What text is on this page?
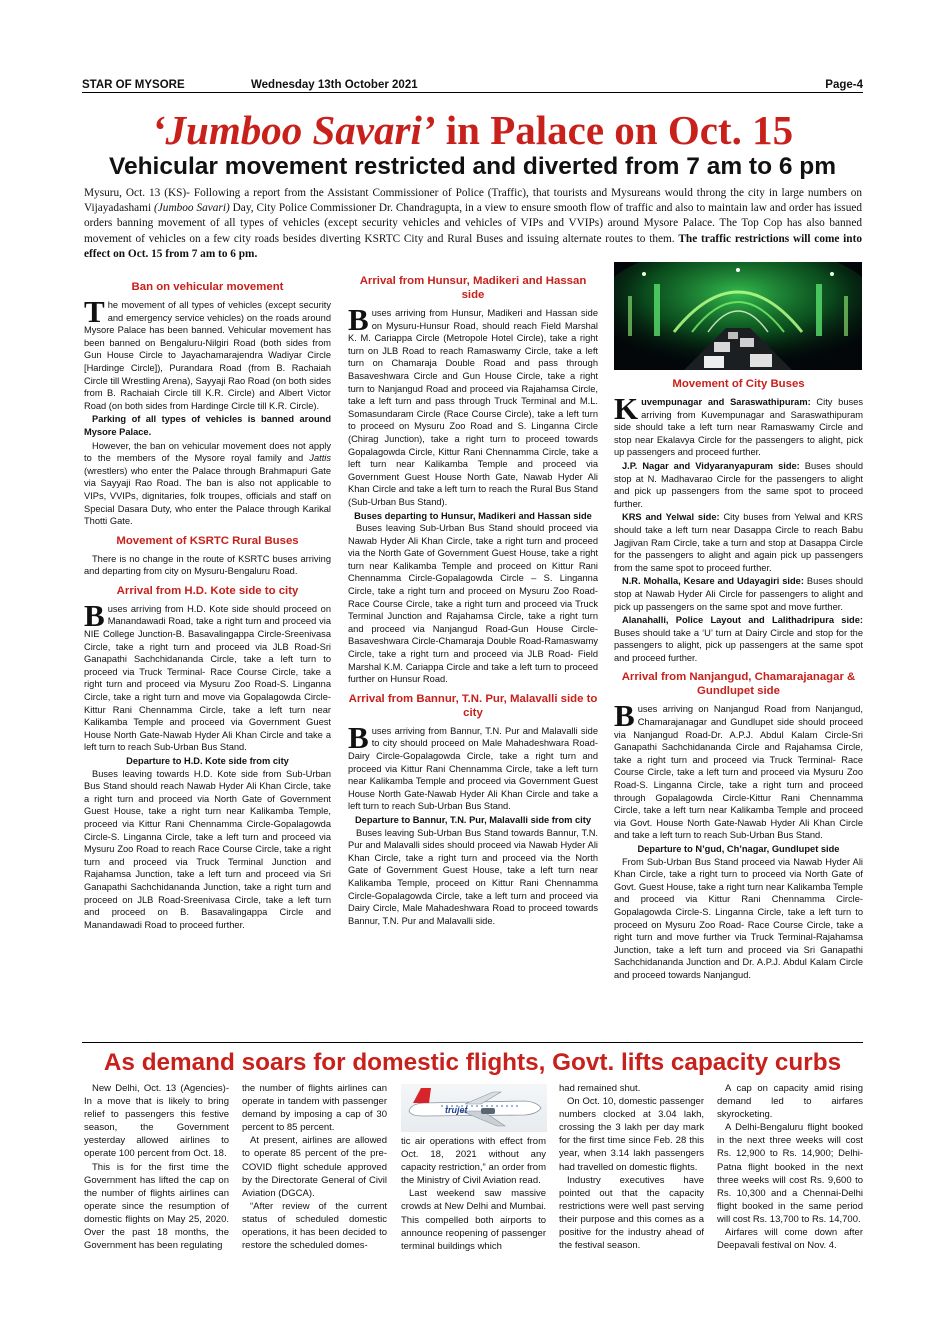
STAR OF MYSORE	Wednesday 13th October 2021	Page-4
‘Jumboo Savari’ in Palace on Oct. 15
Vehicular movement restricted and diverted from 7 am to 6 pm

Mysuru, Oct. 13 (KS)- Following a report from the Assistant Commissioner of Police (Traffic), that tourists and Mysureans would throng the city in large numbers on Vijayadashami (Jumboo Savari) Day, City Police Commissioner Dr. Chandragupta, in a view to ensure smooth flow of traffic and also to maintain law and order has issued orders banning movement of all types of vehicles (except security vehicles and vehicles of VIPs and VVIPs) around Mysore Palace. The Top Cop has also banned movement of vehicles on a few city roads besides diverting KSRTC City and Rural Buses and issuing alternate routes to them. The traffic restrictions will come into effect on Oct. 15 from 7 am to 6 pm.

Ban on vehicular movement

The movement of all types of vehicles (except security and emergency service vehicles) on the roads around Mysore Palace has been banned. Vehicular movement has been banned on Bengaluru-Nilgiri Road (both sides from Gun House Circle to Jayachamarajendra Wadiyar Circle [Hardinge Circle]), Purandara Road (from B. Rachaiah Circle till Wrestling Arena), Sayyaji Rao Road (on both sides from B. Rachaiah Circle till K.R. Circle) and Albert Victor Road (on both sides from Hardinge Circle till K.R. Circle).

Parking of all types of vehicles is banned around Mysore Palace.

However, the ban on vehicular movement does not apply to the members of the Mysore royal family and Jattis (wrestlers) who enter the Palace through Brahmapuri Gate via Sayyaji Rao Road. The ban is also not applicable to VIPs, VVIPs, dignitaries, folk troupes, officials and staff on Special Dasara Duty, who enter the Palace through Karikal Thotti Gate.

Movement of KSRTC Rural Buses

There is no change in the route of KSRTC buses arriving and departing from city on Mysuru-Bengaluru Road.

Arrival from H.D. Kote side to city

Buses arriving from H.D. Kote side should proceed on Manandawadi Road, take a right turn and proceed via NIE College Junction-B. Basavalingappa Circle-Sreenivasa Circle, take a right turn and proceed via JLB Road-Sri Ganapathi Sachchidananda Circle, take a left turn to proceed via Truck Terminal- Race Course Circle, take a right turn and proceed via Mysuru Zoo Road-S. Linganna Circle, take a right turn and move via Gopalagowda Circle-Kittur Rani Chennamma Circle, take a left turn near Kalikamba Temple and proceed via Government Guest House North Gate-Nawab Hyder Ali Khan Circle and take a left turn to reach Sub-Urban Bus Stand.

Departure to H.D. Kote side from city

Buses leaving towards H.D. Kote side from Sub-Urban Bus Stand should reach Nawab Hyder Ali Khan Circle, take a right turn and proceed via North Gate of Government Guest House, take a right turn near Kalikamba Temple, proceed via Kittur Rani Chennamma Circle-Gopalagowda Circle-S. Linganna Circle, take a left turn and proceed via Mysuru Zoo Road to reach Race Course Circle, take a right turn and proceed via Truck Terminal Junction and Rajahamsa Junction, take a left turn and proceed via Sri Ganapathi Sachchidananda Junction, take a right turn and proceed on JLB Road-Sreenivasa Circle, take a left turn and proceed on B. Basavalingappa Circle and Manandawadi Road to proceed further.

Arrival from Hunsur, Madikeri and Hassan side

Buses arriving from Hunsur, Madikeri and Hassan side on Mysuru-Hunsur Road, should reach Field Marshal K. M. Cariappa Circle (Metropole Hotel Circle), take a right turn on JLB Road to reach Ramaswamy Circle, take a left turn on Chamaraja Double Road and pass through Basaveshwara Circle and Gun House Circle, take a right turn to Nanjangud Road and proceed via Rajahamsa Circle, take a left turn and pass through Truck Terminal and M.L. Somasundaram Circle (Race Course Circle), take a left turn to proceed on Mysuru Zoo Road and S. Linganna Circle (Chirag Junction), take a right turn to proceed towards Gopalagowda Circle, Kittur Rani Chennamma Circle, take a left turn near Kalikamba Temple and proceed via Government Guest House North Gate, Nawab Hyder Ali Khan Circle and take a left turn to reach the Rural Bus Stand (Sub-Urban Bus Stand).

Buses departing to Hunsur, Madikeri and Hassan side

Buses leaving Sub-Urban Bus Stand should proceed via Nawab Hyder Ali Khan Circle, take a right turn and proceed via the North Gate of Government Guest House, take a right turn near Kalikamba Temple and proceed on Kittur Rani Chennamma Circle-Gopalagowda Circle – S. Linganna Circle, take a right turn and proceed on Mysuru Zoo Road-Race Course Circle, take a right turn and proceed via Truck Terminal Junction and Rajahamsa Circle, take a right turn and proceed via Nanjangud Road-Gun House Circle-Basaveshwara Circle-Chamaraja Double Road-Ramaswamy Circle, take a right turn and proceed via JLB Road- Field Marshal K.M. Cariappa Circle and take a left turn to proceed further on Hunsur Road.

Arrival from Bannur, T.N. Pur, Malavalli side to city

Buses arriving from Bannur, T.N. Pur and Malavalli side to city should proceed on Male Mahadeshwara Road-Dairy Circle-Gopalagowda Circle, take a right turn and proceed via Kittur Rani Chennamma Circle, take a left turn near Kalikamba Temple and proceed via Government Guest House North Gate-Nawab Hyder Ali Khan Circle and take a left turn to reach Sub-Urban Bus Stand.

Departure to Bannur, T.N. Pur, Malavalli side from city

Buses leaving Sub-Urban Bus Stand towards Bannur, T.N. Pur and Malavalli sides should proceed via Nawab Hyder Ali Khan Circle, take a right turn and proceed via the North Gate of Government Guest House, take a left turn near Kalikamba Temple, proceed on Kittur Rani Chennamma Circle-Gopalagowda Circle, take a left turn and proceed via Dairy Circle, Male Mahadeshwara Road to proceed towards Bannur, T.N. Pur and Malavalli side.

Movement of City Buses

Kuvempunagar and Saraswathipuram: City buses arriving from Kuvempunagar and Saraswathipuram side should take a left turn near Ramaswamy Circle and stop near Ekalavya Circle for the passengers to alight, pick up passengers and proceed further.

J.P. Nagar and Vidyaranyapuram side: Buses should stop at N. Madhavarao Circle for the passengers to alight and pick up passengers from the same spot to proceed further.

KRS and Yelwal side: City buses from Yelwal and KRS should take a left turn near Dasappa Circle to reach Babu Jagjivan Ram Circle, take a turn and stop at Dasappa Circle for the passengers to alight and again pick up passengers from the same spot to proceed further.

N.R. Mohalla, Kesare and Udayagiri side: Buses should stop at Nawab Hyder Ali Circle for passengers to alight and pick up passengers on the same spot and move further.

Alanahalli, Police Layout and Lalithadripura side: Buses should take a ‘U’ turn at Dairy Circle and stop for the passengers to alight, pick up passengers at the same spot and proceed further.

Arrival from Nanjangud, Chamarajanagar & Gundlupet side

Buses arriving on Nanjangud Road from Nanjangud, Chamarajanagar and Gundlupet side should proceed via Nanjangud Road-Dr. A.P.J. Abdul Kalam Circle-Sri Ganapathi Sachchidananda Circle and Rajahamsa Circle, take a right turn and proceed via Truck Terminal- Race Course Circle, take a left turn and proceed via Mysuru Zoo Road-S. Linganna Circle, take a right turn and proceed through Gopalagowda Circle-Kittur Rani Chennamma Circle, take a left turn near Kalikamba Temple and proceed via Govt. House North Gate-Nawab Hyder Ali Khan Circle and take a left turn to reach Sub-Urban Bus Stand.

Departure to N’gud, Ch’nagar, Gundlupet side

From Sub-Urban Bus Stand proceed via Nawab Hyder Ali Khan Circle, take a right turn to proceed via North Gate of Govt. Guest House, take a right turn near Kalikamba Temple and proceed via Kittur Rani Chennamma Circle-Gopalagowda Circle-S. Linganna Circle, take a left turn to proceed on Mysuru Zoo Road- Race Course Circle, take a right turn and move further via Truck Terminal-Rajahamsa Junction, take a left turn and proceed via Sri Ganapathi Sachchidananda Junction and Dr. A.P.J. Abdul Kalam Circle and proceed towards Nanjangud.

As demand soars for domestic flights, Govt. lifts capacity curbs

New Delhi, Oct. 13 (Agencies)- In a move that is likely to bring relief to passengers this festive season, the Government yesterday allowed airlines to operate 100 percent from Oct. 18.

This is for the first time the Government has lifted the cap on the number of flights airlines can operate since the resumption of domestic flights on May 25, 2020. Over the past 18 months, the Government has been regulating

the number of flights airlines can operate in tandem with passenger demand by imposing a cap of 30 percent to 85 percent.

At present, airlines are allowed to operate 85 percent of the pre-COVID flight schedule approved by the Directorate General of Civil Aviation (DGCA).

“After review of the current status of scheduled domestic operations, it has been decided to restore the scheduled domes-

trujet

tic air operations with effect from Oct. 18, 2021 without any capacity restriction,” an order from the Ministry of Civil Aviation read.

Last weekend saw massive crowds at New Delhi and Mumbai. This compelled both airports to announce reopening of passenger terminal buildings which

had remained shut.

On Oct. 10, domestic passenger numbers clocked at 3.04 lakh, crossing the 3 lakh per day mark for the first time since Feb. 28 this year, when 3.14 lakh passengers had travelled on domestic flights.

Industry executives have pointed out that the capacity restrictions were well past serving their purpose and this comes as a positive for the industry ahead of the festival season.

A cap on capacity amid rising demand led to airfares skyrocketing.

A Delhi-Bengaluru flight booked in the next three weeks will cost Rs. 12,900 to Rs. 14,900; Delhi-Patna flight booked in the next three weeks will cost Rs. 9,600 to Rs. 10,300 and a Chennai-Delhi flight booked in the same period will cost Rs. 13,700 to Rs. 14,700.

Airfares will come down after Deepavali festival on Nov. 4.
